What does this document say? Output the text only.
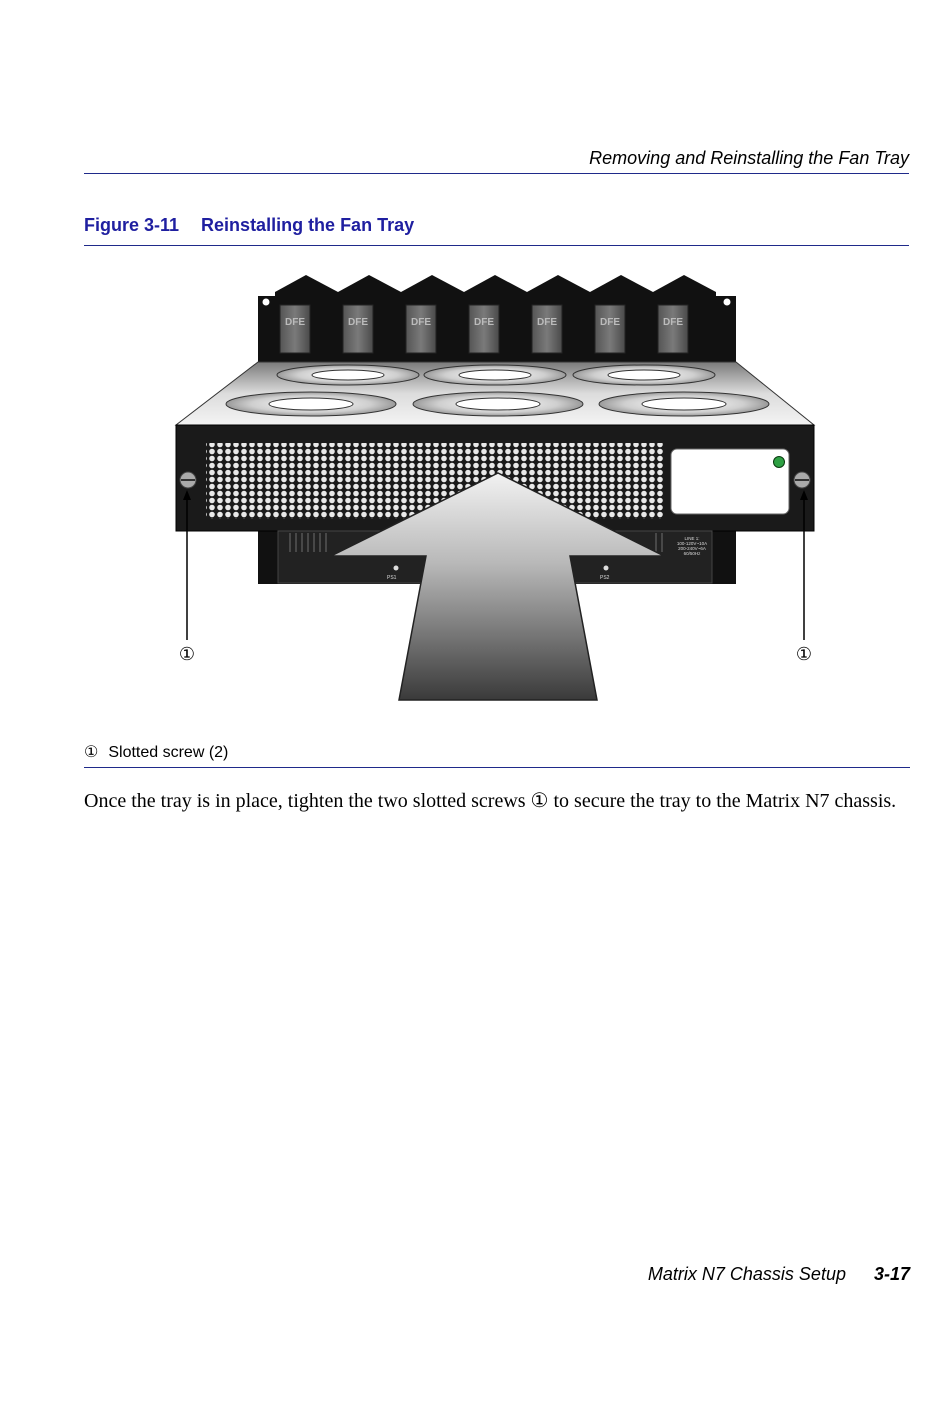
Removing and Reinstalling the Fan Tray
Figure 3-11 Reinstalling the Fan Tray
DFE	DFE	DFE	DFE	DFE	DFE	DFE
PS1	PS2
LINE 1:
100-120V~10A
200-240V~6A
60/50Hz
①	①
① Slotted screw (2)
Once the tray is in place, tighten the two slotted screws ① to secure the tray to the Matrix N7 chassis.
Matrix N7 Chassis Setup 3-17
